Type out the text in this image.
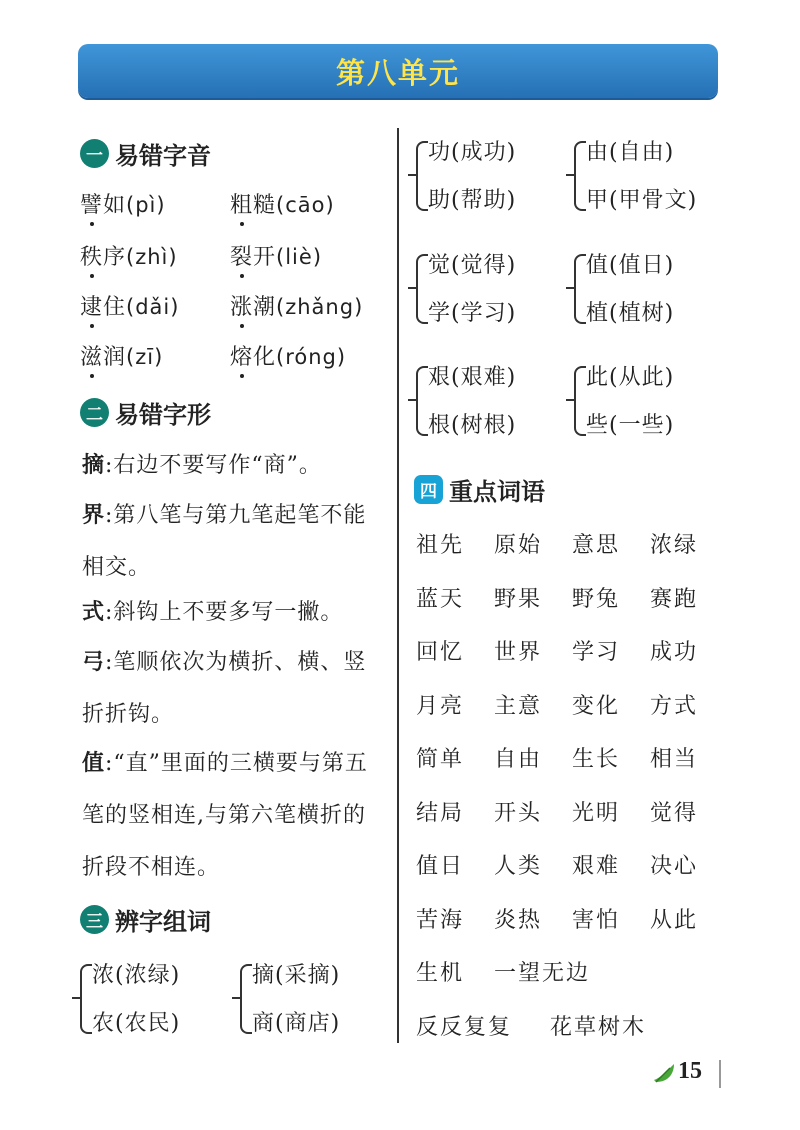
第八单元
一 易错字音
譬如(pì)	粗糙(cāo)
秩序(zhì) 裂开(liè)
逮住(dǎi) 涨潮(zhǎng)
滋润(zī)	熔化(róng)
二 易错字形
摘:右边不要写作“商”。
界:第八笔与第九笔起笔不能相交。
式:斜钩上不要多写一撇。
弓:笔顺依次为横折、横、竖折折钩。
值:“直”里面的三横要与第五笔的竖相连,与第六笔横折的折段不相连。
三 辨字组词
浓(浓绿)
农(农民)
摘(采摘)
商(商店)
功(成功)
助(帮助)
由(自由)
甲(甲骨文)
觉(觉得)
学(学习)
值(值日)
植(植树)
艰(艰难)
根(树根)
此(从此)
些(一些)
四 重点词语
祖先 原始 意思 浓绿
蓝天 野果 野兔 赛跑
回忆 世界 学习 成功
月亮 主意 变化 方式
简单 自由 生长 相当
结局 开头 光明 觉得
值日 人类 艰难 决心
苦海 炎热 害怕 从此
生机 一望无边
反反复复 花草树木
15
